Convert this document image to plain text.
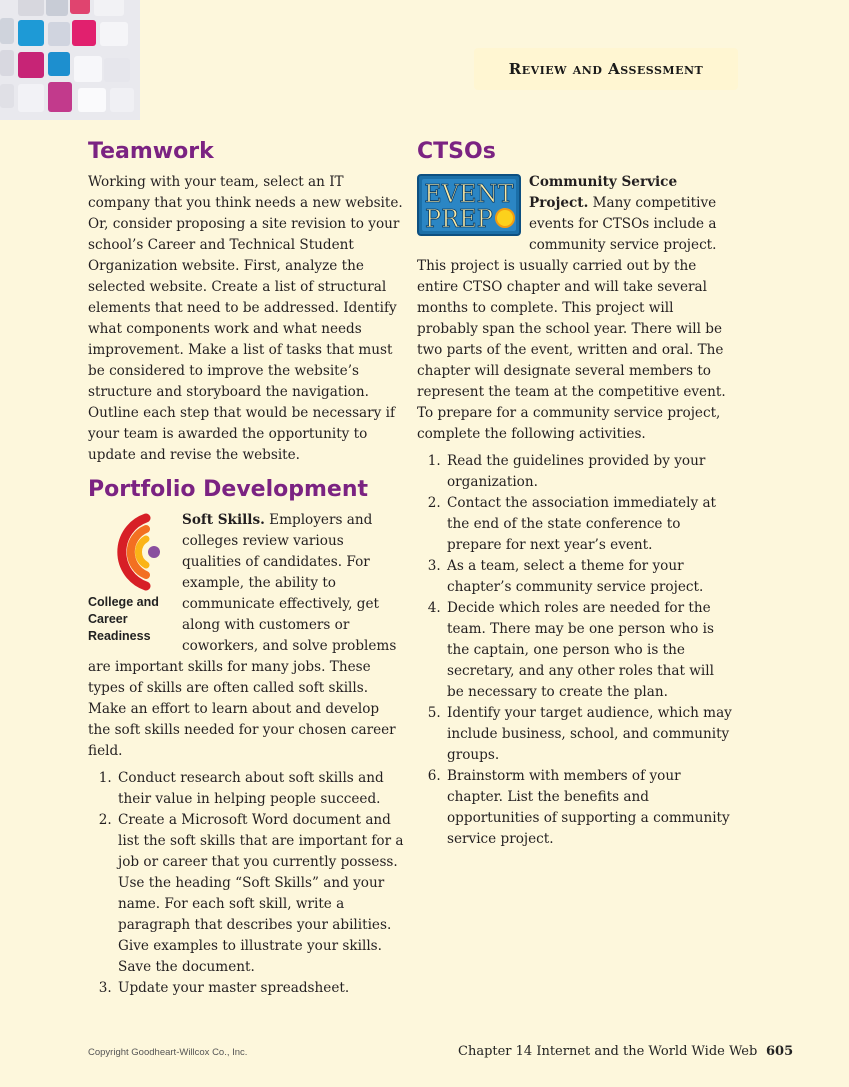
Review and Assessment
Teamwork

Working with your team, select an IT company that you think needs a new website. Or, consider proposing a site revision to your school’s Career and Technical Student Organization website. First, analyze the selected website. Create a list of structural elements that need to be addressed. Identify what components work and what needs improvement. Make a list of tasks that must be considered to improve the website’s structure and storyboard the navigation. Outline each step that would be necessary if your team is awarded the opportunity to update and revise the website.

Portfolio Development
College and Career Readiness

Soft Skills. Employers and colleges review various qualities of candidates. For example, the ability to communicate effectively, get along with customers or coworkers, and solve problems are important skills for many jobs. These types of skills are often called soft skills. Make an effort to learn about and develop the soft skills needed for your chosen career field.

1. Conduct research about soft skills and their value in helping people succeed.
2. Create a Microsoft Word document and list the soft skills that are important for a job or career that you currently possess. Use the heading “Soft Skills” and your name. For each soft skill, write a paragraph that describes your abilities. Give examples to illustrate your skills. Save the document.
3. Update your master spreadsheet.
CTSOs
EVENT
PREP

Community Service Project. Many competitive events for CTSOs include a community service project. This project is usually carried out by the entire CTSO chapter and will take several months to complete. This project will probably span the school year. There will be two parts of the event, written and oral. The chapter will designate several members to represent the team at the competitive event. To prepare for a community service project, complete the following activities.

1. Read the guidelines provided by your organization.
2. Contact the association immediately at the end of the state conference to prepare for next year’s event.
3. As a team, select a theme for your chapter’s community service project.
4. Decide which roles are needed for the team. There may be one person who is the captain, one person who is the secretary, and any other roles that will be necessary to create the plan.
5. Identify your target audience, which may include business, school, and community groups.
6. Brainstorm with members of your chapter. List the benefits and opportunities of supporting a community service project.
Copyright Goodheart-Willcox Co., Inc.	Chapter 14 Internet and the World Wide Web 605
